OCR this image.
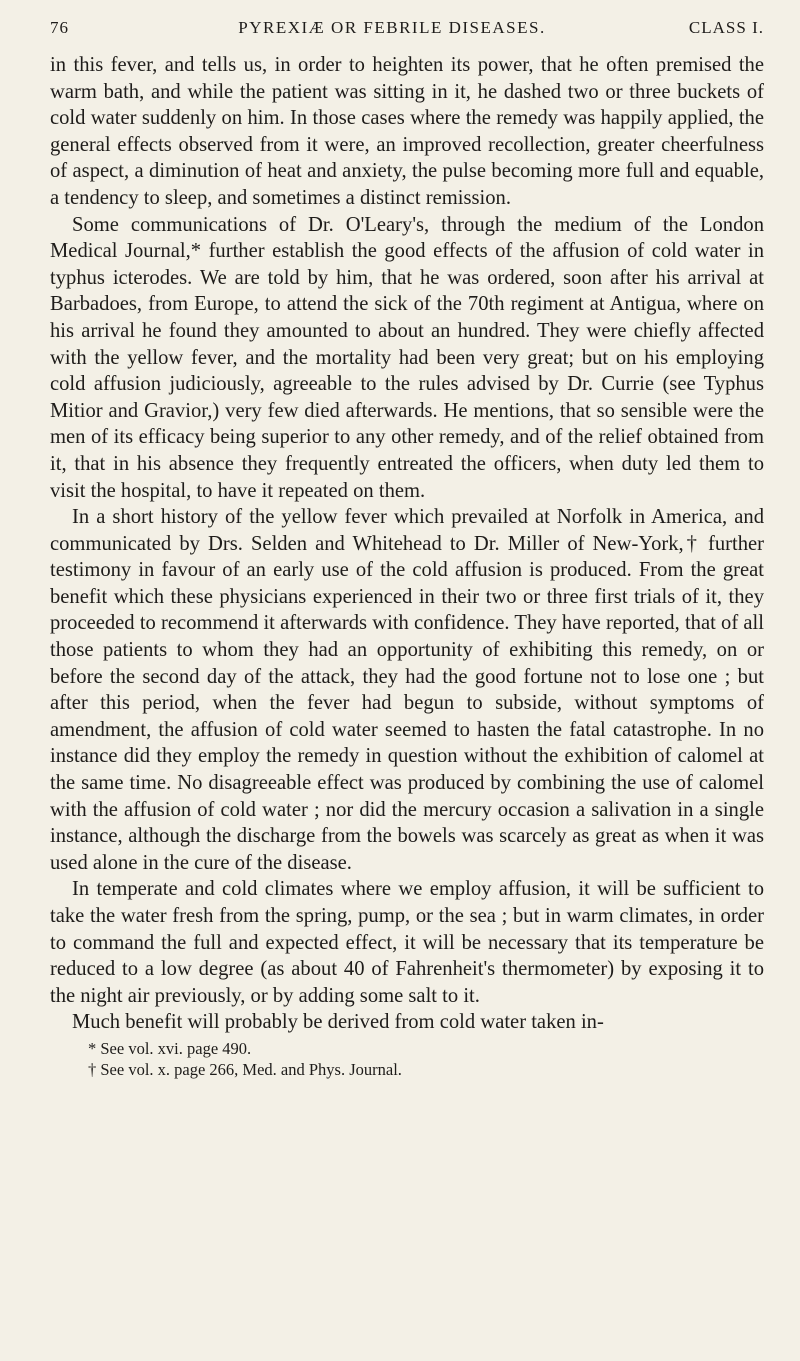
76	PYREXIÆ OR FEBRILE DISEASES.	CLASS I.

in this fever, and tells us, in order to heighten its power, that he often premised the warm bath, and while the patient was sitting in it, he dashed two or three buckets of cold water suddenly on him. In those cases where the remedy was happily applied, the general effects observed from it were, an improved recollection, greater cheerfulness of aspect, a diminution of heat and anxiety, the pulse becoming more full and equable, a tendency to sleep, and sometimes a distinct remission.

Some communications of Dr. O'Leary's, through the medium of the London Medical Journal,* further establish the good effects of the affusion of cold water in typhus icterodes. We are told by him, that he was ordered, soon after his arrival at Barbadoes, from Europe, to attend the sick of the 70th regiment at Antigua, where on his arrival he found they amounted to about an hundred. They were chiefly affected with the yellow fever, and the mortality had been very great; but on his employing cold affusion judiciously, agreeable to the rules advised by Dr. Currie (see Typhus Mitior and Gravior,) very few died afterwards. He mentions, that so sensible were the men of its efficacy being superior to any other remedy, and of the relief obtained from it, that in his absence they frequently entreated the officers, when duty led them to visit the hospital, to have it repeated on them.

In a short history of the yellow fever which prevailed at Norfolk in America, and communicated by Drs. Selden and Whitehead to Dr. Miller of New-York,† further testimony in favour of an early use of the cold affusion is produced. From the great benefit which these physicians experienced in their two or three first trials of it, they proceeded to recommend it afterwards with confidence. They have reported, that of all those patients to whom they had an opportunity of exhibiting this remedy, on or before the second day of the attack, they had the good fortune not to lose one ; but after this period, when the fever had begun to subside, without symptoms of amendment, the affusion of cold water seemed to hasten the fatal catastrophe. In no instance did they employ the remedy in question without the exhibition of calomel at the same time. No disagreeable effect was produced by combining the use of calomel with the affusion of cold water ; nor did the mercury occasion a salivation in a single instance, although the discharge from the bowels was scarcely as great as when it was used alone in the cure of the disease.

In temperate and cold climates where we employ affusion, it will be sufficient to take the water fresh from the spring, pump, or the sea ; but in warm climates, in order to command the full and expected effect, it will be necessary that its temperature be reduced to a low degree (as about 40 of Fahrenheit's thermometer) by exposing it to the night air previously, or by adding some salt to it.

Much benefit will probably be derived from cold water taken in-

* See vol. xvi. page 490.
† See vol. x. page 266, Med. and Phys. Journal.
